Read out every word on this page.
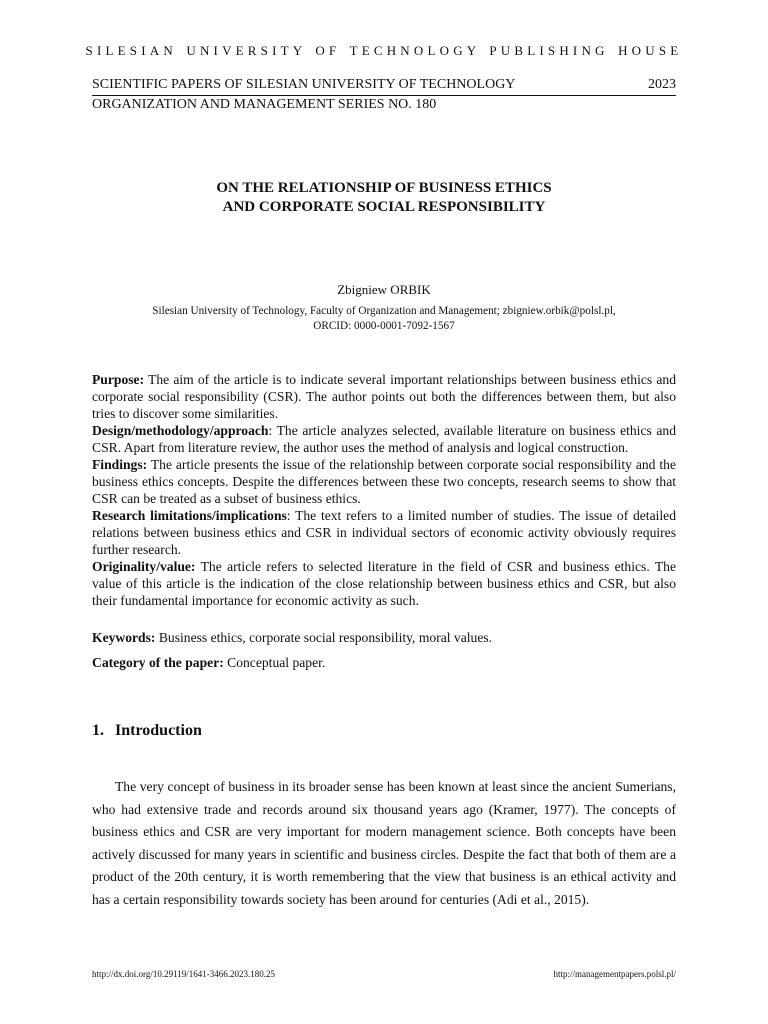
SILESIAN UNIVERSITY OF TECHNOLOGY PUBLISHING HOUSE
SCIENTIFIC PAPERS OF SILESIAN UNIVERSITY OF TECHNOLOGY	2023
ORGANIZATION AND MANAGEMENT SERIES NO. 180
ON THE RELATIONSHIP OF BUSINESS ETHICS
AND CORPORATE SOCIAL RESPONSIBILITY
Zbigniew ORBIK
Silesian University of Technology, Faculty of Organization and Management; zbigniew.orbik@polsl.pl,
ORCID: 0000-0001-7092-1567

Purpose: The aim of the article is to indicate several important relationships between business ethics and corporate social responsibility (CSR). The author points out both the differences between them, but also tries to discover some similarities.

Design/methodology/approach: The article analyzes selected, available literature on business ethics and CSR. Apart from literature review, the author uses the method of analysis and logical construction.

Findings: The article presents the issue of the relationship between corporate social responsibility and the business ethics concepts. Despite the differences between these two concepts, research seems to show that CSR can be treated as a subset of business ethics.

Research limitations/implications: The text refers to a limited number of studies. The issue of detailed relations between business ethics and CSR in individual sectors of economic activity obviously requires further research.

Originality/value: The article refers to selected literature in the field of CSR and business ethics. The value of this article is the indication of the close relationship between business ethics and CSR, but also their fundamental importance for economic activity as such.

Keywords: Business ethics, corporate social responsibility, moral values.
Category of the paper: Conceptual paper.
1. Introduction

The very concept of business in its broader sense has been known at least since the ancient Sumerians, who had extensive trade and records around six thousand years ago (Kramer, 1977). The concepts of business ethics and CSR are very important for modern management science. Both concepts have been actively discussed for many years in scientific and business circles. Despite the fact that both of them are a product of the 20th century, it is worth remembering that the view that business is an ethical activity and has a certain responsibility towards society has been around for centuries (Adi et al., 2015).

http://dx.doi.org/10.29119/1641-3466.2023.180.25	http://managementpapers.polsl.pl/
